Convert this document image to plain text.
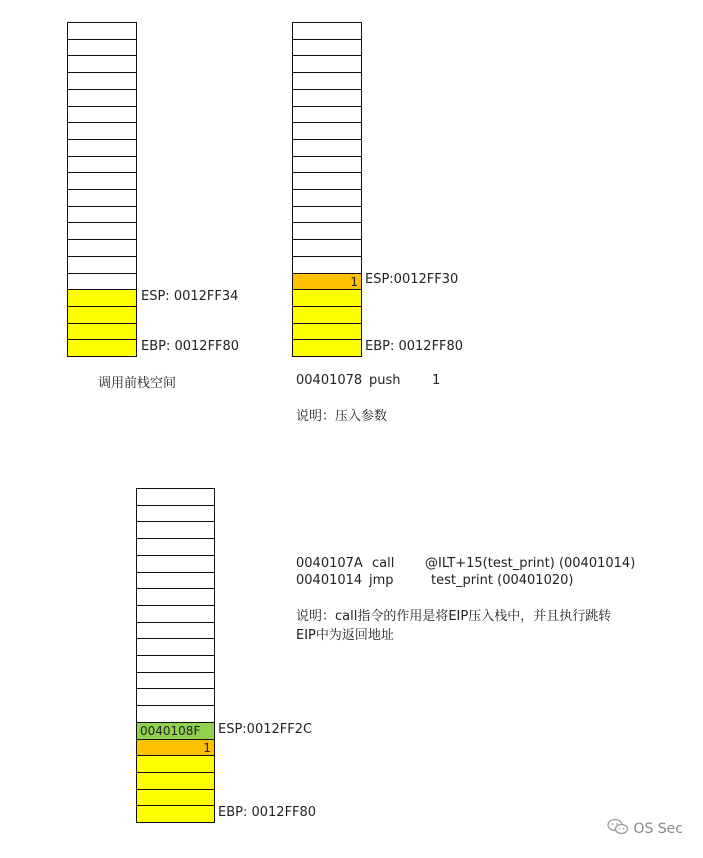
ESP: 0012FF34
EBP: 0012FF80
调用前栈空间
1 ESP:0012FF30
EBP: 0012FF80
00401078 push 1
说明：压入参数
0040108F
1
ESP:0012FF2C
EBP: 0012FF80
0040107A call @ILT+15(test_print) (00401014)
00401014 jmp	test_print (00401020)
说明：call指令的作用是将EIP压入栈中，并且执行跳转
EIP中为返回地址
OS Sec
